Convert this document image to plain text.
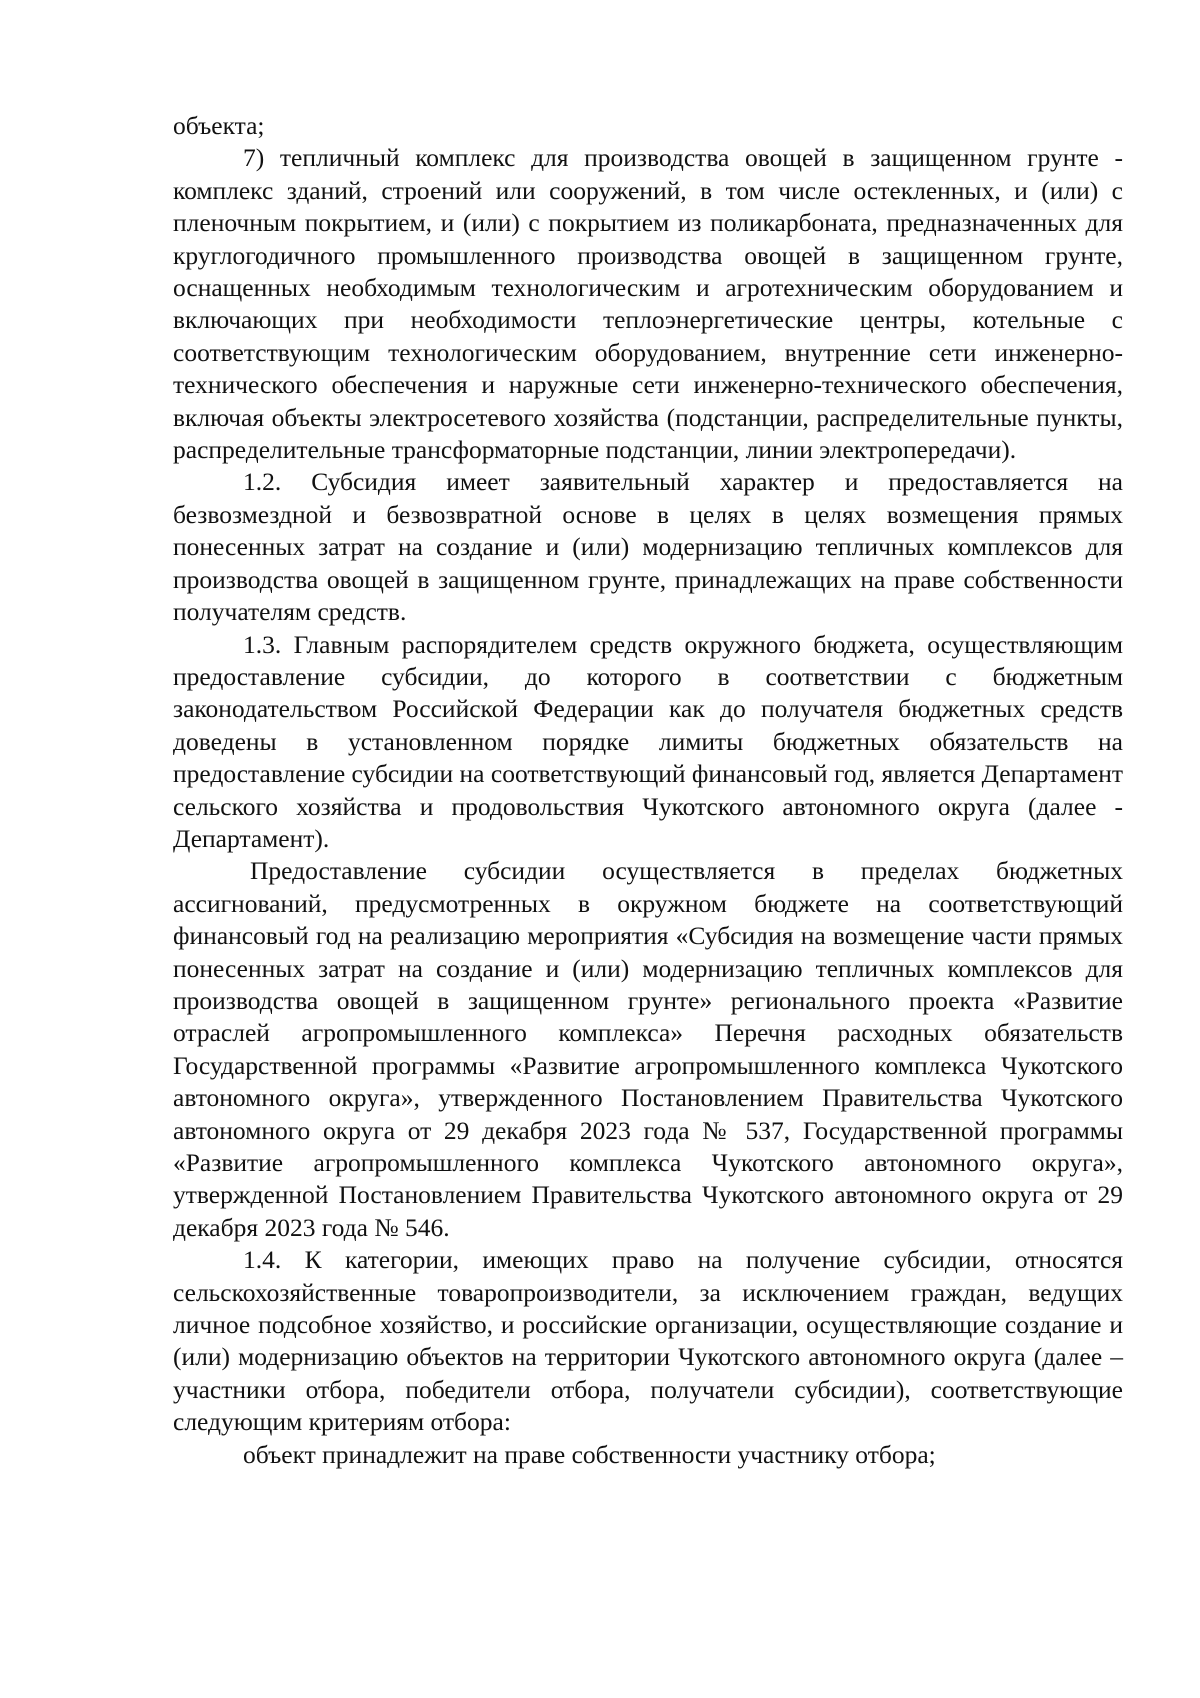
объекта;

7) тепличный комплекс для производства овощей в защищенном грунте - комплекс зданий, строений или сооружений, в том числе остекленных, и (или) с пленочным покрытием, и (или) с покрытием из поликарбоната, предназначенных для круглогодичного промышленного производства овощей в защищенном грунте, оснащенных необходимым технологическим и агротехническим оборудованием и включающих при необходимости теплоэнергетические центры, котельные с соответствующим технологическим оборудованием, внутренние сети инженерно-технического обеспечения и наружные сети инженерно-технического обеспечения, включая объекты электросетевого хозяйства (подстанции, распределительные пункты, распределительные трансформаторные подстанции, линии электропередачи).

1.2. Субсидия имеет заявительный характер и предоставляется на безвозмездной и безвозвратной основе в целях в целях возмещения прямых понесенных затрат на создание и (или) модернизацию тепличных комплексов для производства овощей в защищенном грунте, принадлежащих на праве собственности получателям средств.

1.3. Главным распорядителем средств окружного бюджета, осуществляющим предоставление субсидии, до которого в соответствии с бюджетным законодательством Российской Федерации как до получателя бюджетных средств доведены в установленном порядке лимиты бюджетных обязательств на предоставление субсидии на соответствующий финансовый год, является Департамент сельского хозяйства и продовольствия Чукотского автономного округа (далее - Департамент).

Предоставление субсидии осуществляется в пределах бюджетных ассигнований, предусмотренных в окружном бюджете на соответствующий финансовый год на реализацию мероприятия «Субсидия на возмещение части прямых понесенных затрат на создание и (или) модернизацию тепличных комплексов для производства овощей в защищенном грунте» регионального проекта «Развитие отраслей агропромышленного комплекса» Перечня расходных обязательств Государственной программы «Развитие агропромышленного комплекса Чукотского автономного округа», утвержденного Постановлением Правительства Чукотского автономного округа от 29 декабря 2023 года № 537, Государственной программы «Развитие агропромышленного комплекса Чукотского автономного округа», утвержденной Постановлением Правительства Чукотского автономного округа от 29 декабря 2023 года № 546.

1.4. К категории, имеющих право на получение субсидии, относятся сельскохозяйственные товаропроизводители, за исключением граждан, ведущих личное подсобное хозяйство, и российские организации, осуществляющие создание и (или) модернизацию объектов на территории Чукотского автономного округа (далее – участники отбора, победители отбора, получатели субсидии), соответствующие следующим критериям отбора:

объект принадлежит на праве собственности участнику отбора;
